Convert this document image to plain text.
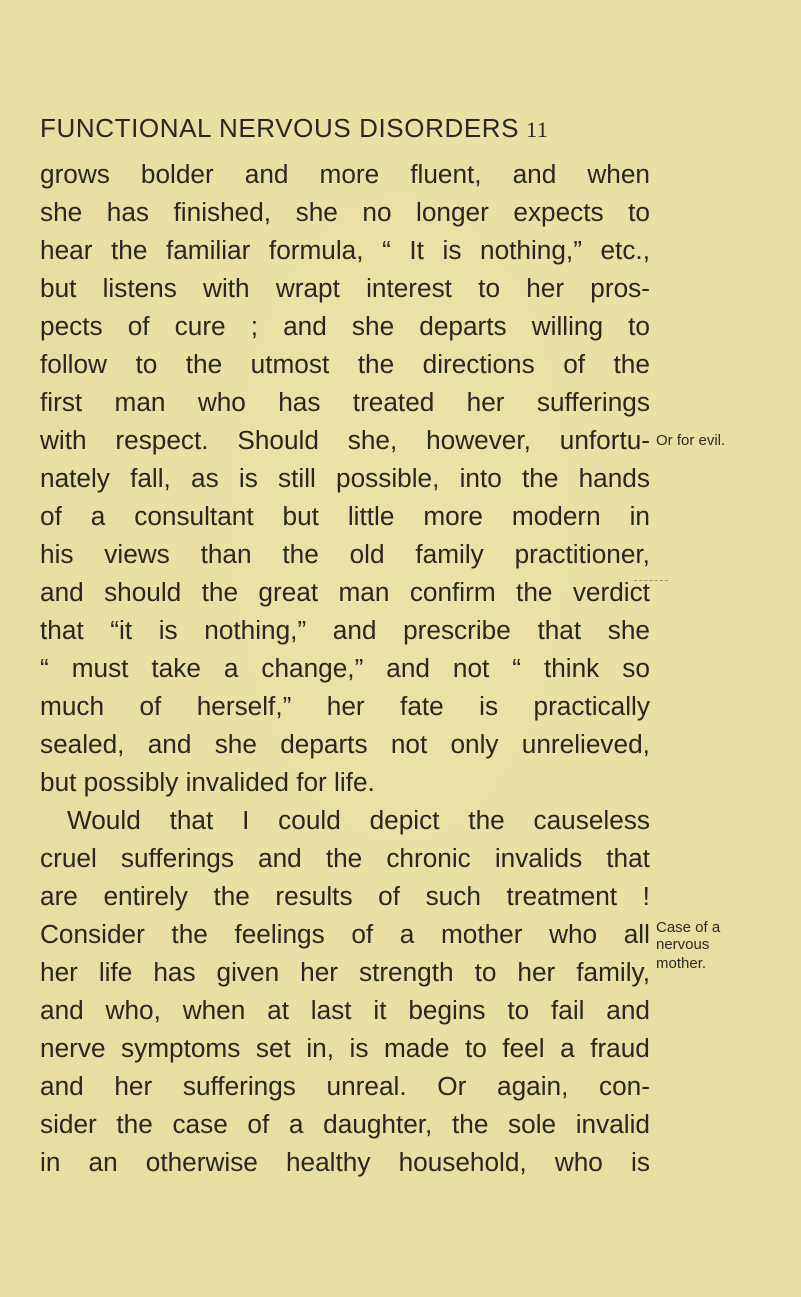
FUNCTIONAL NERVOUS DISORDERS 11
grows bolder and more fluent, and when
she has finished, she no longer expects to
hear the familiar formula, “ It is nothing,” etc.,
but listens with wrapt interest to her pros-
pects of cure ; and she departs willing to
follow to the utmost the directions of the
first man who has treated her sufferings
with respect. Should she, however, unfortu-
nately fall, as is still possible, into the hands
of a consultant but little more modern in
his views than the old family practitioner,
and should the great man confirm the verdict
that “it is nothing,” and prescribe that she
“ must take a change,” and not “ think so
much of herself,” her fate is practically
sealed, and she departs not only unrelieved,
but possibly invalided for life.
Would that I could depict the causeless
cruel sufferings and the chronic invalids that
are entirely the results of such treatment !
Consider the feelings of a mother who all
her life has given her strength to her family,
and who, when at last it begins to fail and
nerve symptoms set in, is made to feel a fraud
and her sufferings unreal. Or again, con-
sider the case of a daughter, the sole invalid
in an otherwise healthy household, who is
Or for evil.
Case of a
nervous
mother.
